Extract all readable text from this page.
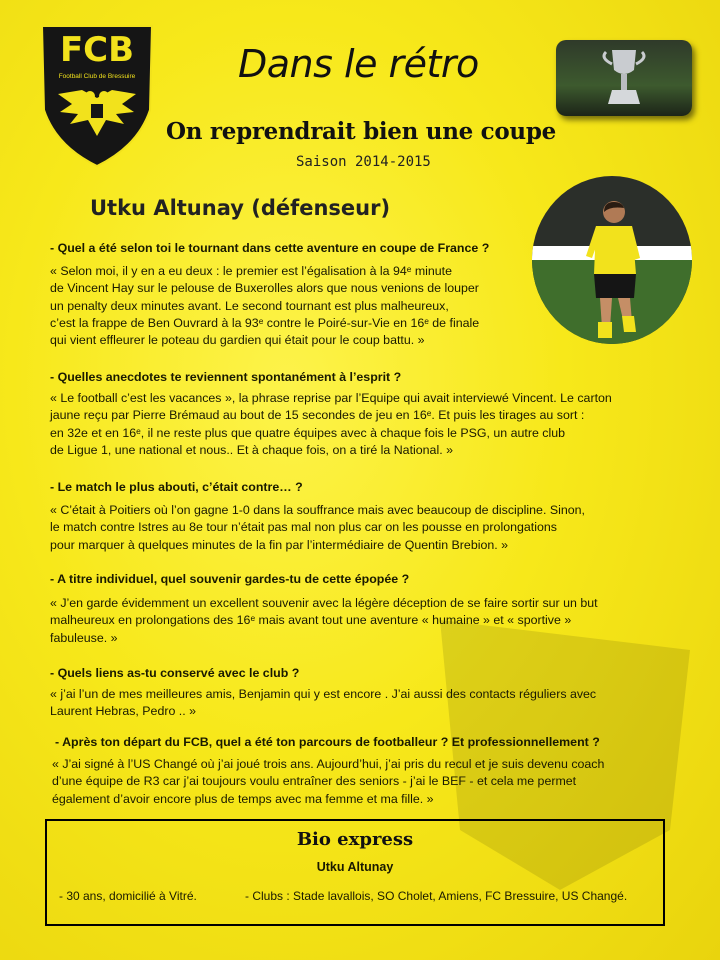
FCB
Football Club de Bressuire	Dans le rétro
On reprendrait bien une coupe
Saison 2014-2015
Utku Altunay (défenseur)
- Quel a été selon toi le tournant dans cette aventure en coupe de France ?
« Selon moi, il y en a eu deux : le premier est l’égalisation à la 94ᵉ minute
de Vincent Hay sur le pelouse de Buxerolles alors que nous venions de louper
un penalty deux minutes avant. Le second tournant est plus malheureux,
c’est la frappe de Ben Ouvrard à la 93ᵉ contre le Poiré-sur-Vie en 16ᵉ de finale
qui vient effleurer le poteau du gardien qui était pour le coup battu. »
- Quelles anecdotes te reviennent spontanément à l’esprit ?
« Le football c’est les vacances », la phrase reprise par l’Equipe qui avait interviewé Vincent. Le carton
jaune reçu par Pierre Brémaud au bout de 15 secondes de jeu en 16ᵉ. Et puis les tirages au sort :
en 32e et en 16ᵉ, il ne reste plus que quatre équipes avec à chaque fois le PSG, un autre club
de Ligue 1, une national et nous.. Et à chaque fois, on a tiré la National. »
- Le match le plus abouti, c’était contre… ?
« C’était à Poitiers où l’on gagne 1-0 dans la souffrance mais avec beaucoup de discipline. Sinon,
le match contre Istres au 8e tour n’était pas mal non plus car on les pousse en prolongations
pour marquer à quelques minutes de la fin par l’intermédiaire de Quentin Brebion. »
- A titre individuel, quel souvenir gardes-tu de cette épopée ?
« J’en garde évidemment un excellent souvenir avec la légère déception de se faire sortir sur un but
malheureux en prolongations des 16ᵉ mais avant tout une aventure « humaine » et « sportive »
fabuleuse. »
- Quels liens as-tu conservé avec le club ?
« j’ai l’un de mes meilleures amis, Benjamin qui y est encore . J’ai aussi des contacts réguliers avec
Laurent Hebras, Pedro .. »
- Après ton départ du FCB, quel a été ton parcours de footballeur ? Et professionnellement ?
« J’ai signé à l’US Changé où j’ai joué trois ans. Aujourd’hui, j’ai pris du recul et je suis devenu coach
d’une équipe de R3 car j’ai toujours voulu entraîner des seniors - j’ai le BEF - et cela me permet
également d’avoir encore plus de temps avec ma femme et ma fille. »
Bio express
Utku Altunay
- 30 ans, domicilié à Vitré.	- Clubs : Stade lavallois, SO Cholet, Amiens, FC Bressuire, US Changé.
